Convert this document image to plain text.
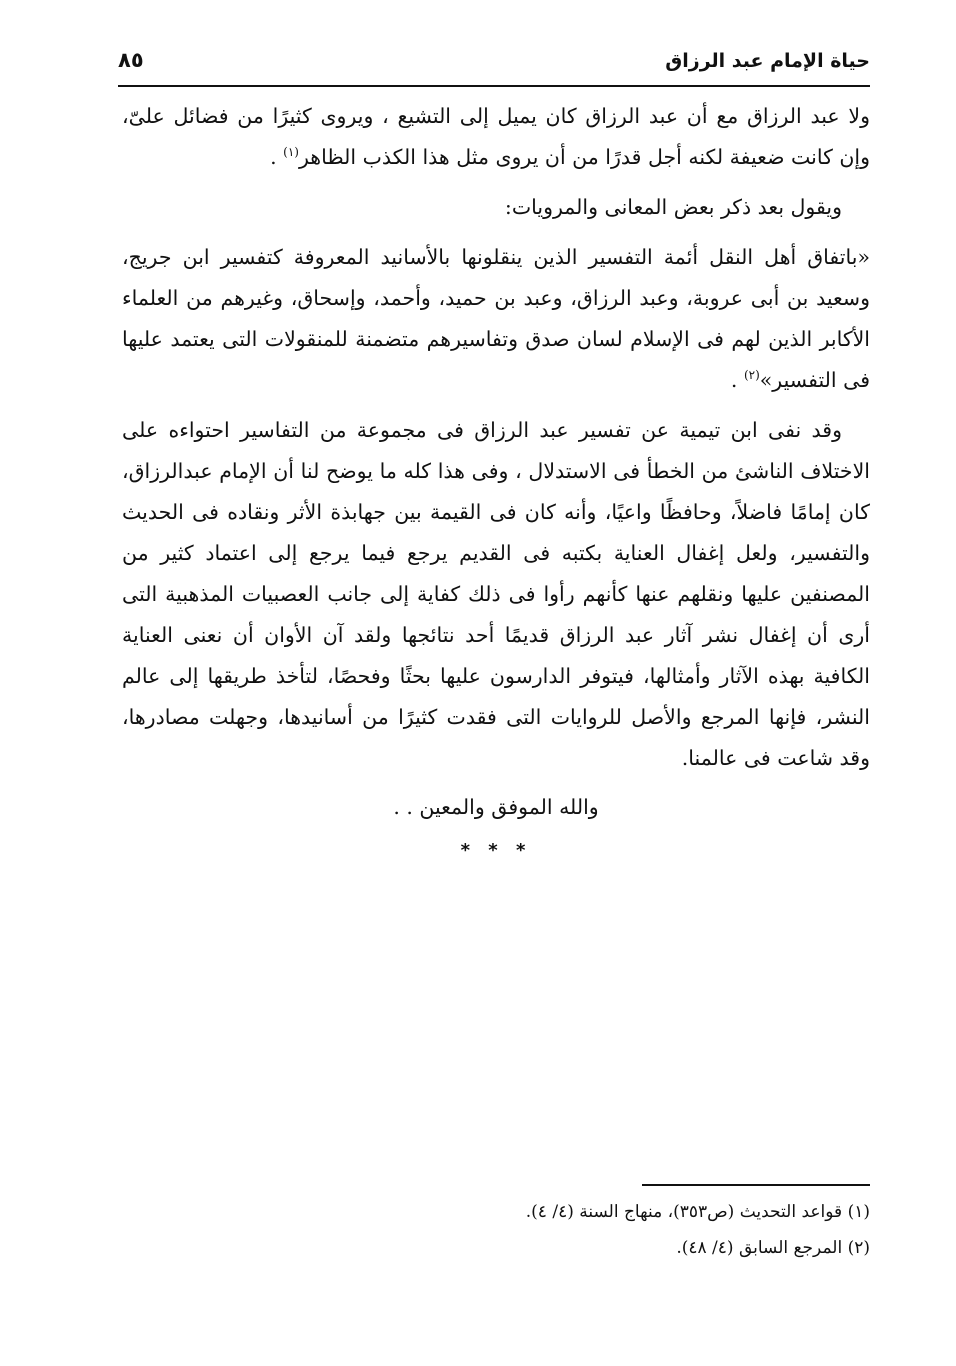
حياة الإمام عبد الرزاق
٨٥

ولا عبد الرزاق مع أن عبد الرزاق كان يميل إلى التشيع ، ويروى كثيرًا من فضائل علىّ، وإن كانت ضعيفة لكنه أجل قدرًا من أن يروى مثل هذا الكذب الظاهر$^{(١)}$ .

ويقول بعد ذكر بعض المعانى والمرويات:

«باتفاق أهل النقل أئمة التفسير الذين ينقلونها بالأسانيد المعروفة كتفسير ابن جريج، وسعيد بن أبى عروبة، وعبد الرزاق، وعبد بن حميد، وأحمد، وإسحاق، وغيرهم من العلماء الأكابر الذين لهم فى الإسلام لسان صدق وتفاسيرهم متضمنة للمنقولات التى يعتمد عليها فى التفسير»$^{(٢)}$ .

وقد نفى ابن تيمية عن تفسير عبد الرزاق فى مجموعة من التفاسير احتواءه على الاختلاف الناشئ من الخطأ فى الاستدلال ، وفى هذا كله ما يوضح لنا أن الإمام عبدالرزاق، كان إمامًا فاضلاً، وحافظًا واعيًا، وأنه كان فى القيمة بين جهابذة الأثر ونقاده فى الحديث والتفسير، ولعل إغفال العناية بكتبه فى القديم يرجع فيما يرجع إلى اعتماد كثير من المصنفين عليها ونقلهم عنها كأنهم رأوا فى ذلك كفاية إلى جانب العصبيات المذهبية التى أرى أن إغفال نشر آثار عبد الرزاق قديمًا أحد نتائجها ولقد آن الأوان أن نعنى العناية الكافية بهذه الآثار وأمثالها، فيتوفر الدارسون عليها بحثًا وفحصًا، لتأخذ طريقها إلى عالم النشر، فإنها المرجع والأصل للروايات التى فقدت كثيرًا من أسانيدها، وجهلت مصادرها، وقد شاعت فى عالمنا.

والله الموفق والمعين . .

* * *

(١) قواعد التحديث (ص٣٥٣)، منهاج السنة (٤/ ٤).

(٢) المرجع السابق (٤/ ٤٨).
